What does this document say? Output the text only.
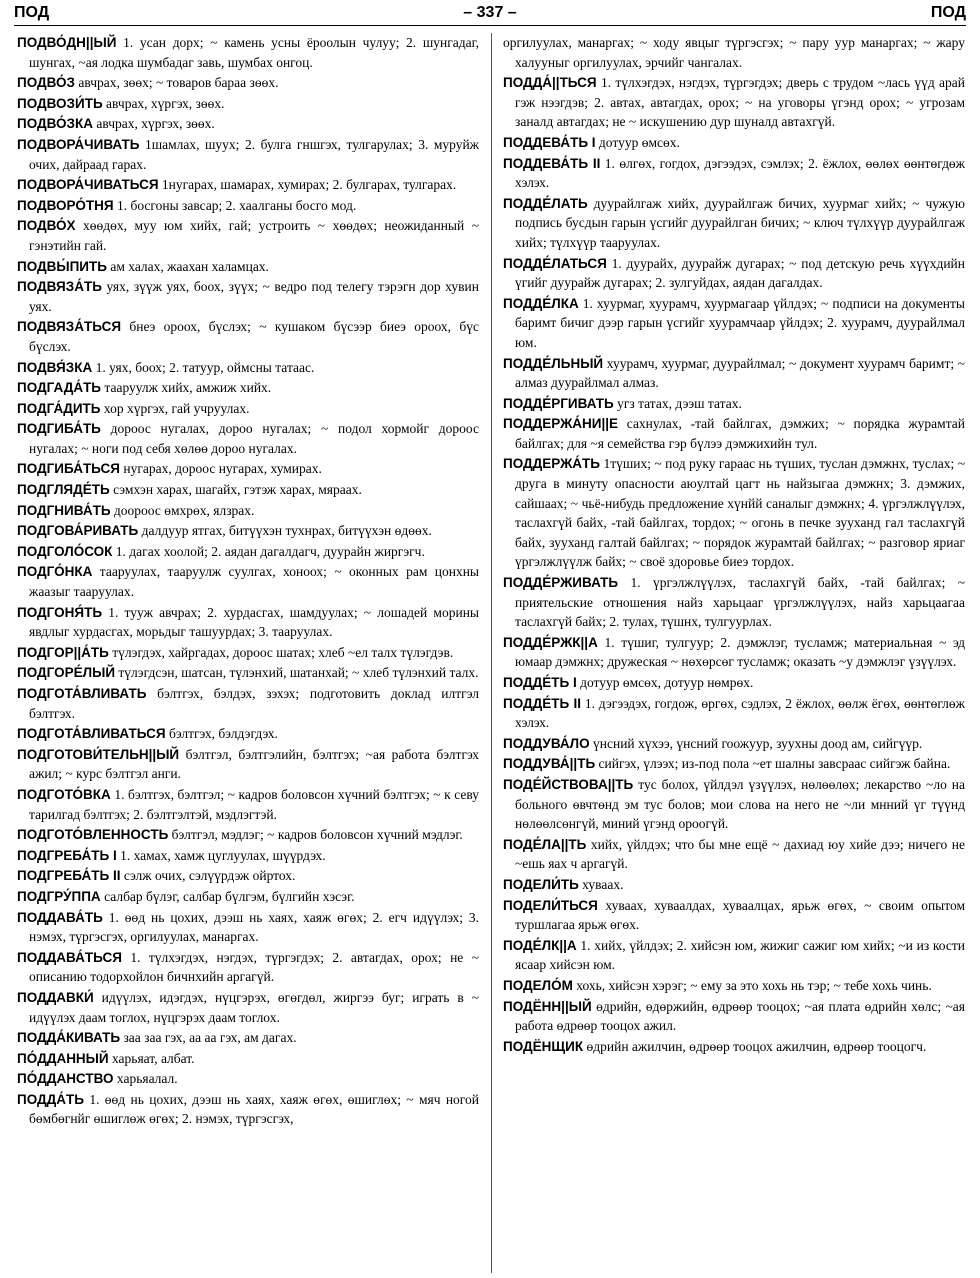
ПОД	– 337 –	ПОД

ПОДВО́ДН||ЫЙ 1. усан дорх; ~ камень усны ёроолын чулуу; 2. шунгадаг, шунгах, ~ая лодка шумбадаг завь, шумбах онгоц.

ПОДВО́З авчрах, зөөх; ~ товаров бараа зөөх.

ПОДВОЗИ́ТЬ авчрах, хүргэх, зөөх.

ПОДВО́ЗКА авчрах, хүргэх, зөөх.

ПОДВОРА́ЧИВАТЬ 1шамлах, шуух; 2. булга гншгэх, тулгарулах; 3. муруйж очих, дайраад гарах.

ПОДВОРА́ЧИВАТЬСЯ 1нугарах, шамарах, хумирах; 2. булгарах, тулгарах.

ПОДВОРО́ТНЯ 1. босгоны завсар; 2. хаалганы босго мод.

ПОДВО́Х хөөдөх, муу юм хийх, гай; устроить ~ хөөдөх; неожиданный ~ гэнэтийн гай.

ПОДВЫ́ПИТЬ ам халах, жаахан халамцах.

ПОДВЯЗА́ТЬ уях, зүүж уях, боох, зүүх; ~ ведро под телегу тэрэгн дор хувин уях.

ПОДВЯЗА́ТЬСЯ бнеэ ороох, бүслэх; ~ кушаком бүсээр биеэ ороох, бүс бүслэх.

ПОДВЯ́ЗКА 1. уях, боох; 2. татуур, оймсны татаас.

ПОДГАДА́ТЬ тааруулж хийх, амжиж хийх.

ПОДГА́ДИТЬ хор хүргэх, гай учруулах.

ПОДГИБА́ТЬ дороос нугалах, дороо нугалах; ~ подол хормойг дороос нугалах; ~ ноги под себя хөлөө дороо нугалах.

ПОДГИБА́ТЬСЯ нугарах, дороос нугарах, хумирах.

ПОДГЛЯДЕ́ТЬ сэмхэн харах, шагайх, гэтэж харах, мяраах.

ПОДГНИВА́ТЬ доороос өмхрөх, ялзрах.

ПОДГОВА́РИВАТЬ далдуур ятгах, битүүхэн тухнрах, битүүхэн өдөөх.

ПОДГОЛО́СОК 1. дагах хоолой; 2. аядан дагалдагч, дуурайн жиргэгч.

ПОДГО́НКА тааруулах, тааруулж суулгах, хоноох; ~ оконных рам цонхны жаазыг тааруулах.

ПОДГОНЯ́ТЬ 1. тууж авчрах; 2. хурдасгах, шамдуулах; ~ лошадей морины явдлыг хурдасгах, морьдыг ташуурдах; 3. тааруулах.

ПОДГОР||А́ТЬ түлэгдэх, хайргадах, дороос шатах; хлеб ~ел талх түлэгдэв.

ПОДГОРЕ́ЛЫЙ түлэгдсэн, шатсан, түлэнхий, шатанхай; ~ хлеб түлэнхий талх.

ПОДГОТА́ВЛИВАТЬ бэлтгэх, бэлдэх, зэхэх; подготовить доклад илтгэл бэлтгэх.

ПОДГОТА́ВЛИВАТЬСЯ бэлтгэх, бэлдэгдэх.

ПОДГОТОВИ́ТЕЛЬН||ЫЙ бэлтгэл, бэлтгэлийн, бэлтгэх; ~ая работа бэлтгэх ажил; ~ курс бэлтгэл анги.

ПОДГОТО́ВКА 1. бэлтгэх, бэлтгэл; ~ кадров боловсон хүчний бэлтгэх; ~ к севу тарилгад бэлтгэх; 2. бэлтгэлтэй, мэдлэгтэй.

ПОДГОТО́ВЛЕННОСТЬ бэлтгэл, мэдлэг; ~ кадров боловсон хүчний мэдлэг.

ПОДГРЕБА́ТЬ I 1. хамах, хамж цуглуулах, шүүрдэх.

ПОДГРЕБА́ТЬ II сэлж очих, сэлүүрдэж ойртох.

ПОДГРУ́ППА салбар бүлэг, салбар бүлгэм, бүлгийн хэсэг.

ПОДДАВА́ТЬ 1. өөд нь цохих, дээш нь хаях, хаяж өгөх; 2. егч идүүлэх; 3. нэмэх, түргэсгэх, оргилуулах, манаргах.

ПОДДАВА́ТЬСЯ 1. түлхэгдэх, нэгдэх, түргэгдэх; 2. автагдах, орох; не ~ описанию тодорхойлон бичнхийн аргагүй.

ПОДДАВКИ́ идүүлэх, идэгдэх, нүцгэрэх, өгөгдөл, жиргээ буг; играть в ~ идүүлэх даам тоглох, нүцгэрэх даам тоглох.

ПОДДА́КИВАТЬ заа заа гэх, аа аа гэх, ам дагах.

ПО́ДДАННЫЙ харьяат, албат.

ПО́ДДАНСТВО харьяалал.

ПОДДА́ТЬ 1. өөд нь цохих, дээш нь хаях, хаяж өгөх, өшиглөх; ~ мяч ногой бөмбөгнйг өшиглөж өгөх; 2. нэмэх, түргэсгэх,

оргилуулах, манаргах; ~ ходу явцыг түргэсгэх; ~ пару уур манаргах; ~ жару халууныг оргилуулах, эрчийг чангалах.

ПОДДА́||ТЬСЯ 1. түлхэгдэх, нэгдэх, түргэгдэх; дверь с трудом ~лась үүд арай гэж нээгдэв; 2. автах, автагдах, орох; ~ на уговоры үгэнд орох; ~ угрозам заналд автагдах; не ~ искушению дур шуналд автахгүй.

ПОДДЕВА́ТЬ I дотуур өмсөх.

ПОДДЕВА́ТЬ II 1. өлгөх, гогдох, дэгээдэх, сэмлэх; 2. ёжлох, өөлөх өөнтөгдөж хэлэх.

ПОДДЕ́ЛАТЬ дуурайлгаж хийх, дуурайлгаж бичих, хуурмаг хийх; ~ чужую подпись бусдын гарын үсгийг дуурайлган бичих; ~ ключ түлхүүр дуурайлгаж хийх; түлхүүр тааруулах.

ПОДДЕ́ЛАТЬСЯ 1. дуурайх, дуурайж дугарах; ~ под детскую речь хүүхдийн үгийг дуурайж дугарах; 2. зулгуйдах, аядан дагалдах.

ПОДДЕ́ЛКА 1. хуурмаг, хуурамч, хуурмагаар үйлдэх; ~ подписи на документы баримт бичиг дээр гарын үсгийг хуурамчаар үйлдэх; 2. хуурамч, дуурайлмал юм.

ПОДДЕ́ЛЬНЫЙ хуурамч, хуурмаг, дуурайлмал; ~ документ хуурамч баримт; ~ алмаз дуурайлмал алмаз.

ПОДДЕ́РГИВАТЬ угз татах, дээш татах.

ПОДДЕРЖА́НИ||Е сахнулах, -тай байлгах, дэмжих; ~ порядка журамтай байлгах; для ~я семейства гэр бүлээ дэмжихийн тул.

ПОДДЕРЖА́ТЬ 1түших; ~ под руку гараас нь түших, туслан дэмжнх, туслах; ~ друга в минуту опасности аюултай цагт нь найзыгаа дэмжнх; 3. дэмжих, сайшаах; ~ чьё-нибудь предложение хүнйй саналыг дэмжнх; 4. үргэлжлүүлэх, таслахгүй байх, -тай байлгах, тордох; ~ огонь в печке зууханд гал таслахгүй байх, зууханд галтай байлгах; ~ порядок журамтай байлгах; ~ разговор яриаг үргэлжлүүлж байх; ~ своё здоровье биеэ тордох.

ПОДДЕ́РЖИВАТЬ 1. үргэлжлүүлэх, таслахгүй байх, -тай байлгах; ~ приятельские отношения найз харьцааг үргэлжлүүлэх, найз харьцаагаа таслахгүй байх; 2. тулах, түшнх, тулгуурлах.

ПОДДЕ́РЖК||А 1. түшиг, тулгуур; 2. дэмжлэг, тусламж; материальная ~ эд юмаар дэмжнх; дружеская ~ нөхөрсөг тусламж; оказать ~у дэмжлэг үзүүлэх.

ПОДДЕ́ТЬ I дотуур өмсөх, дотуур нөмрөх.

ПОДДЕ́ТЬ II 1. дэгээдэх, гогдож, өргөх, сэдлэх, 2 ёжлох, өөлж ёгөх, өөнтөглөж хэлэх.

ПОДДУВА́ЛО үнсний хүхээ, үнсний гоожуур, зуухны доод ам, сийгүүр.

ПОДДУВА́||ТЬ сийгэх, үлээх; из-под пола ~ет шалны завсраас сийгэж байна.

ПОДЕ́ЙСТВОВА||ТЬ тус болох, үйлдэл үзүүлэх, нөлөөлөх; лекарство ~ло на больного өвчтөнд эм тус болов; мои слова на него не ~ли мнний үг түүнд нөлөөлсөнгүй, миний үгэнд ороогүй.

ПОДЕ́ЛА||ТЬ хийх, үйлдэх; что бы мне ещё ~ дахиад юу хийе дээ; ничего не ~ешь яах ч аргагүй.

ПОДЕЛИ́ТЬ хуваах.

ПОДЕЛИ́ТЬСЯ хуваах, хуваалдах, хуваалцах, ярьж өгөх, ~ своим опытом туршлагаа ярьж өгөх.

ПОДЕ́ЛК||А 1. хийх, үйлдэх; 2. хийсэн юм, жижиг сажиг юм хийх; ~и из кости ясаар хийсэн юм.

ПОДЕЛО́М хохь, хийсэн хэрэг; ~ ему за это хохь нь тэр; ~ тебе хохь чинь.

ПОДЁНН||ЫЙ өдрийн, өдөржийн, өдрөөр тооцох; ~ая плата өдрийн хөлс; ~ая работа өдрөөр тооцох ажил.

ПОДЁНЩИК өдрийн ажилчин, өдрөөр тооцох ажилчин, өдрөөр тооцогч.
